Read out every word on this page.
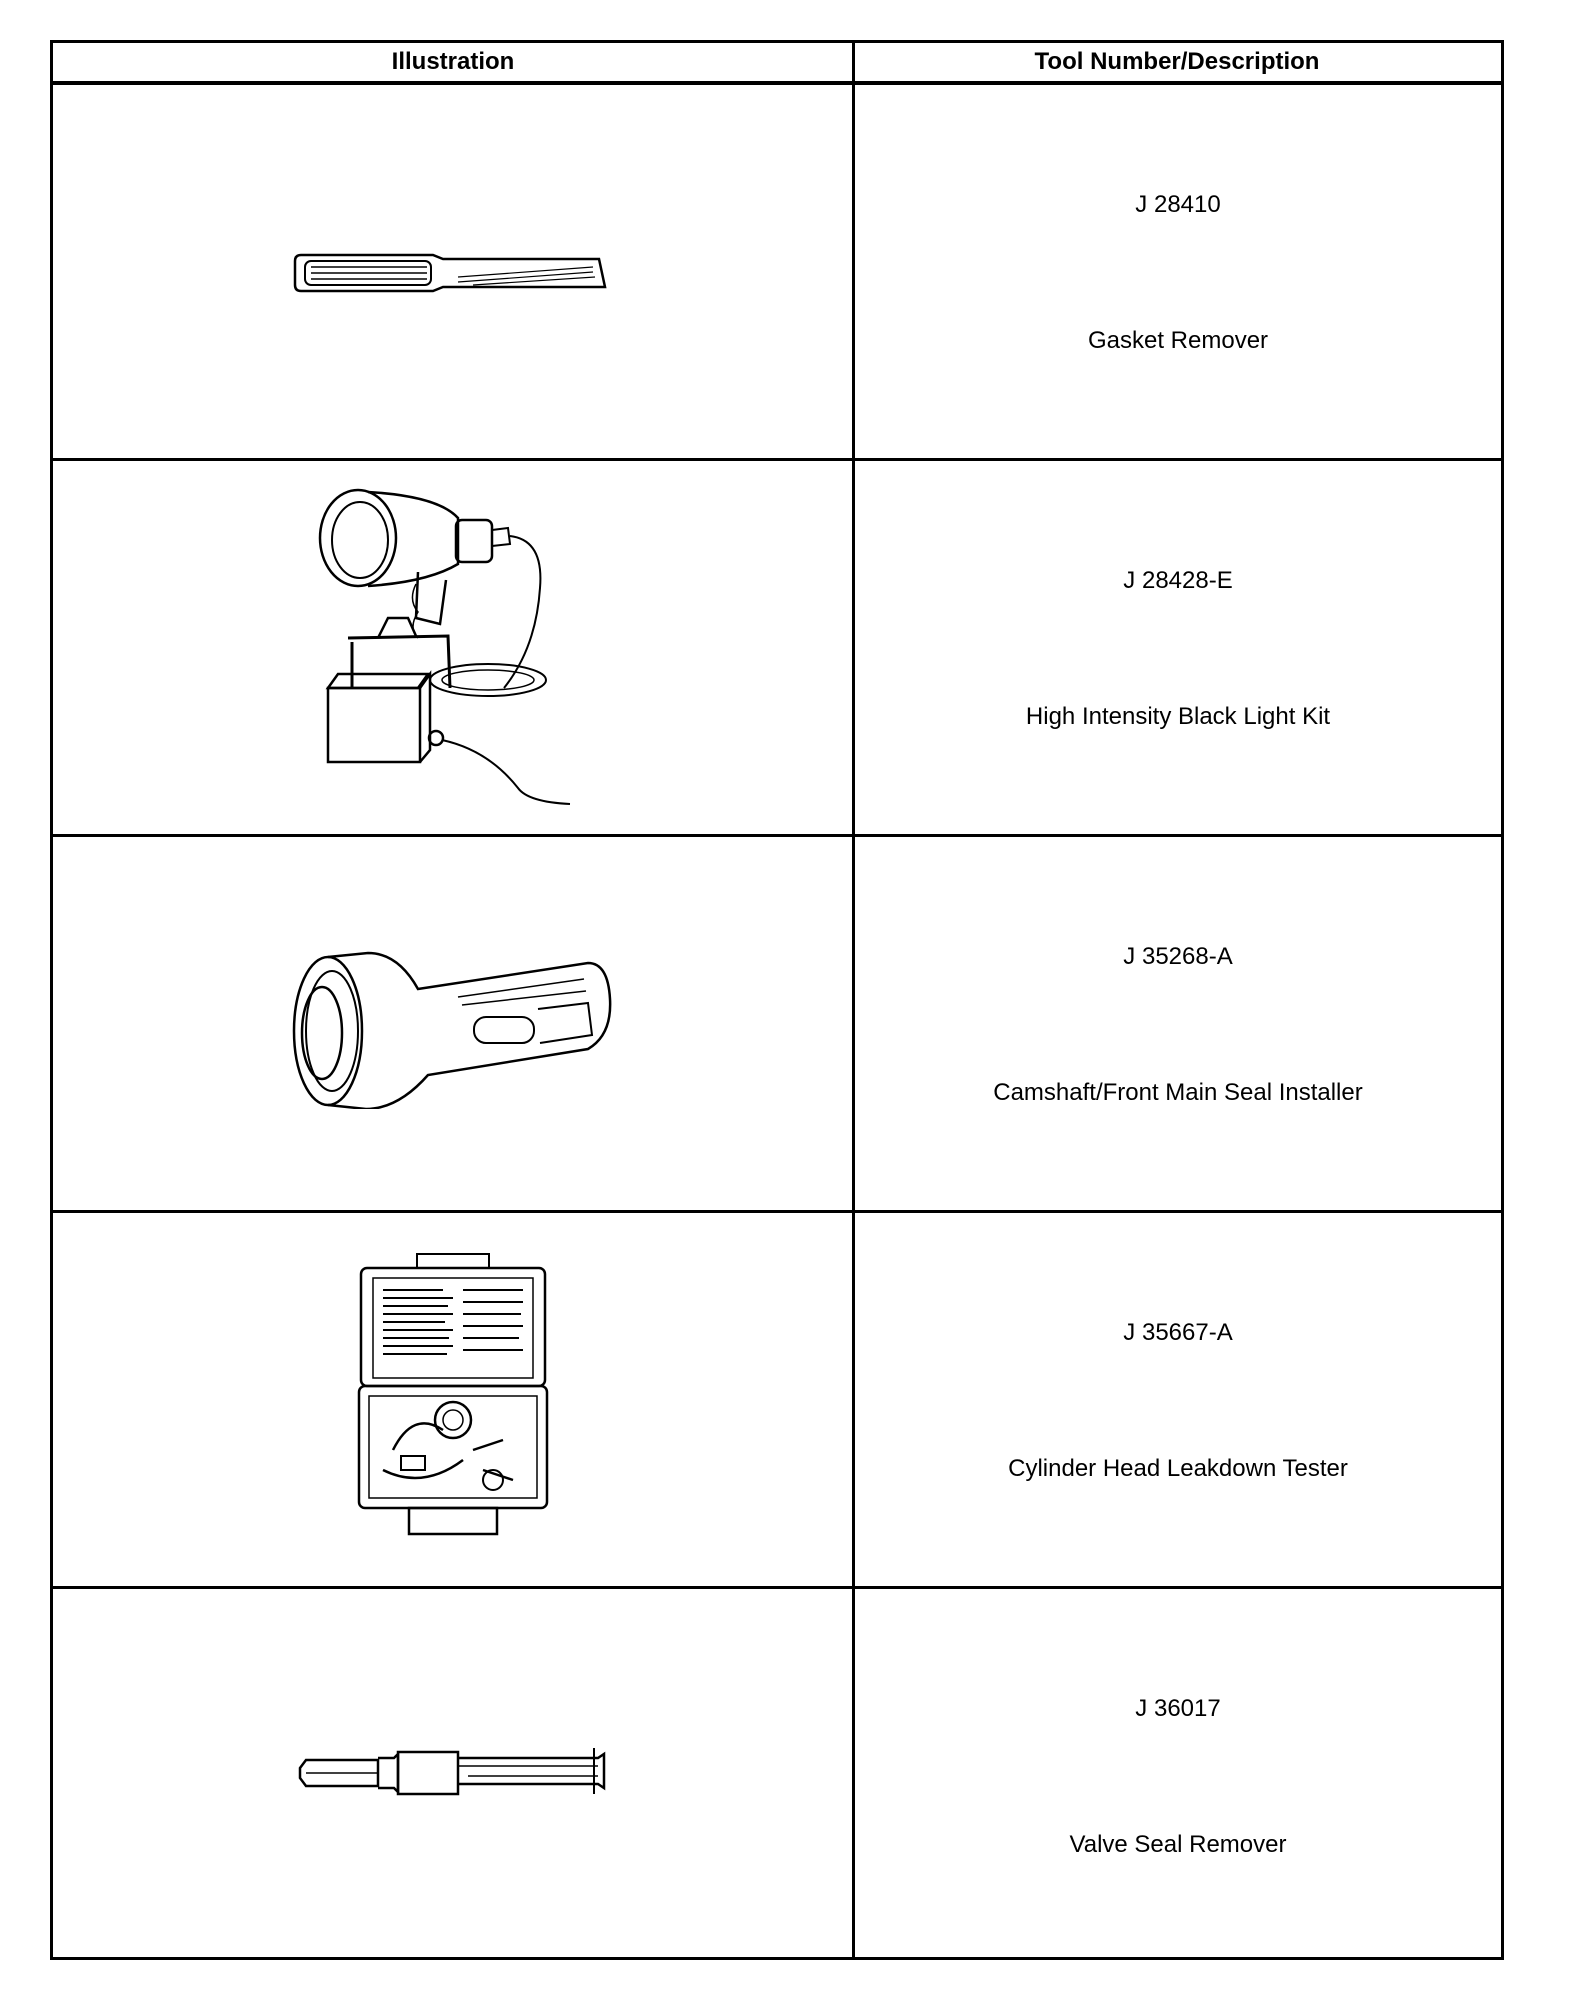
Illustration	Tool Number/Description
J 28410
Gasket Remover
J 28428-E
High Intensity Black Light Kit
J 35268-A
Camshaft/Front Main Seal Installer
J 35667-A
Cylinder Head Leakdown Tester
J 36017
Valve Seal Remover
